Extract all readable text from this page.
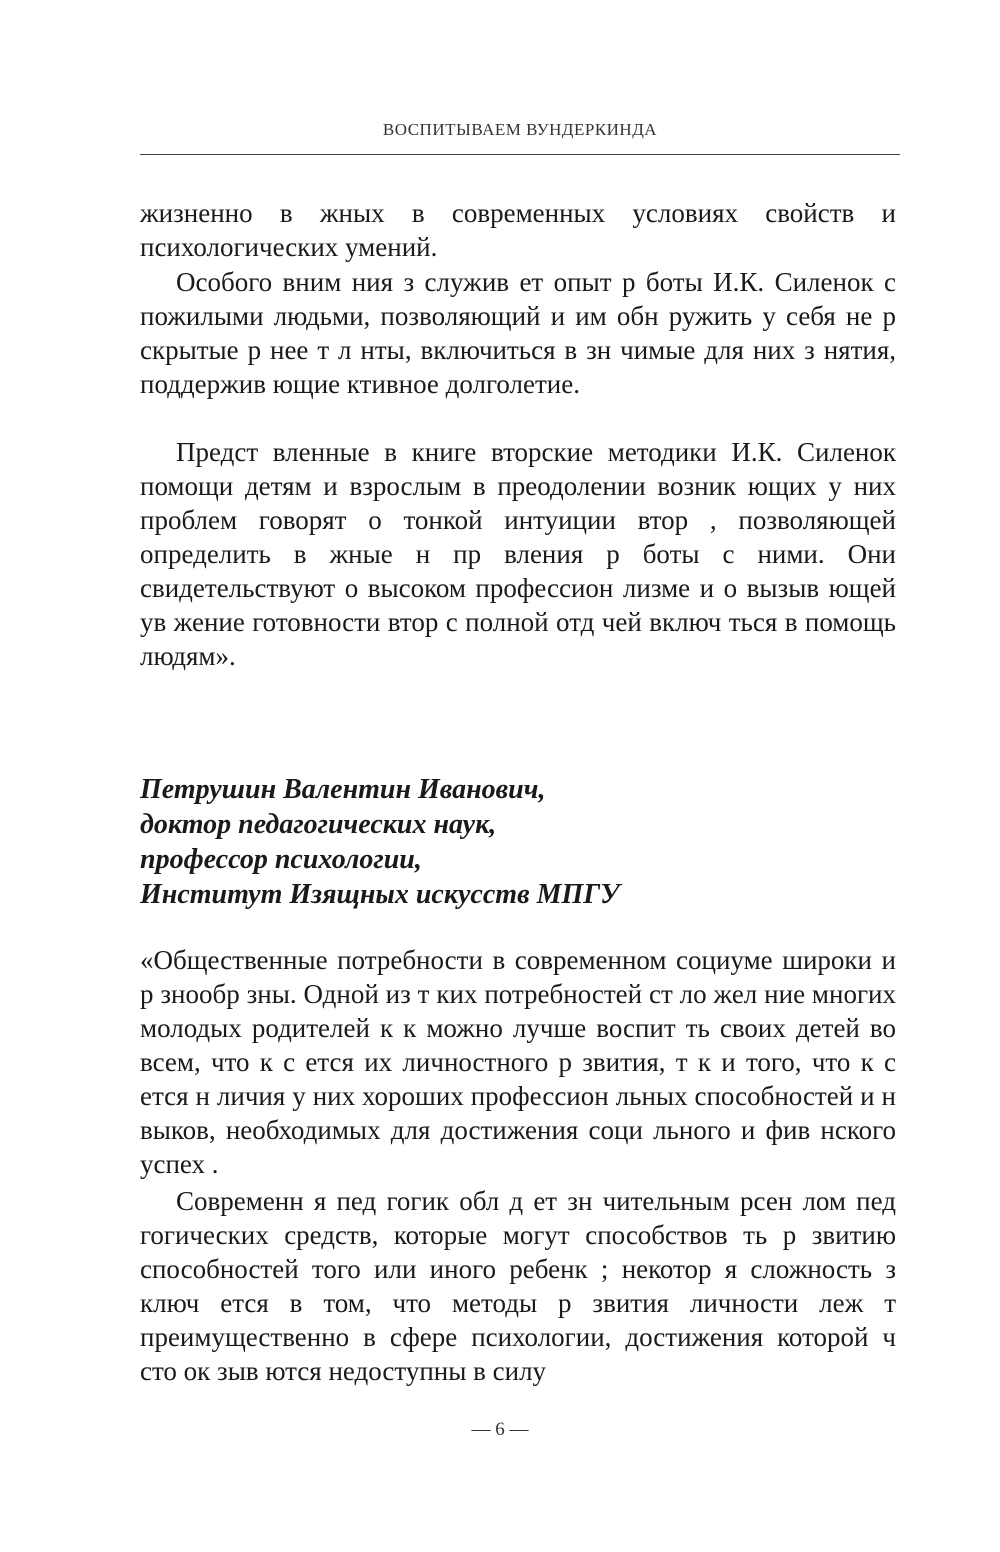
ВОСПИТЫВАЕМ ВУНДЕРКИНДА

жизненно в жных в современных условиях свойств и психологических умений.

Особого вним ния з служив ет опыт р боты И.К. Силенок с пожилыми людьми, позволяющий и им обн ружить у себя не р скрытые р нее т л нты, включиться в зн чимые для них з нятия, поддержив ющие ктивное долголетие.

Предст вленные в книге вторские методики И.К. Силенок помощи детям и взрослым в преодолении возник ющих у них проблем говорят о тонкой интуиции втор , позволяющей определить в жные н пр вления р боты с ними. Они свидетельствуют о высоком профессион лизме и о вызыв ющей ув жение готовности втор с полной отд чей включ ться в помощь людям».

Петрушин Валентин Иванович,
доктор педагогических наук,
профессор психологии,
Институт Изящных искусств МПГУ

«Общественные потребности в современном социуме широки и р знообр зны. Одной из т ких потребностей ст ло жел ние многих молодых родителей к к можно лучше воспит ть своих детей во всем, что к с ется их личностного р звития, т к и того, что к с ется н личия у них хороших профессион льных способностей и н выков, необходимых для достижения соци льного и фив нского успех .

Современн я пед гогик обл д ет зн чительным рсен лом пед гогических средств, которые могут способствов ть р звитию способностей того или иного ребенк ; некотор я сложность з ключ ется в том, что методы р звития личности леж т преимущественно в сфере психологии, достижения которой ч сто ок зыв ются недоступны в силу

— 6 —
